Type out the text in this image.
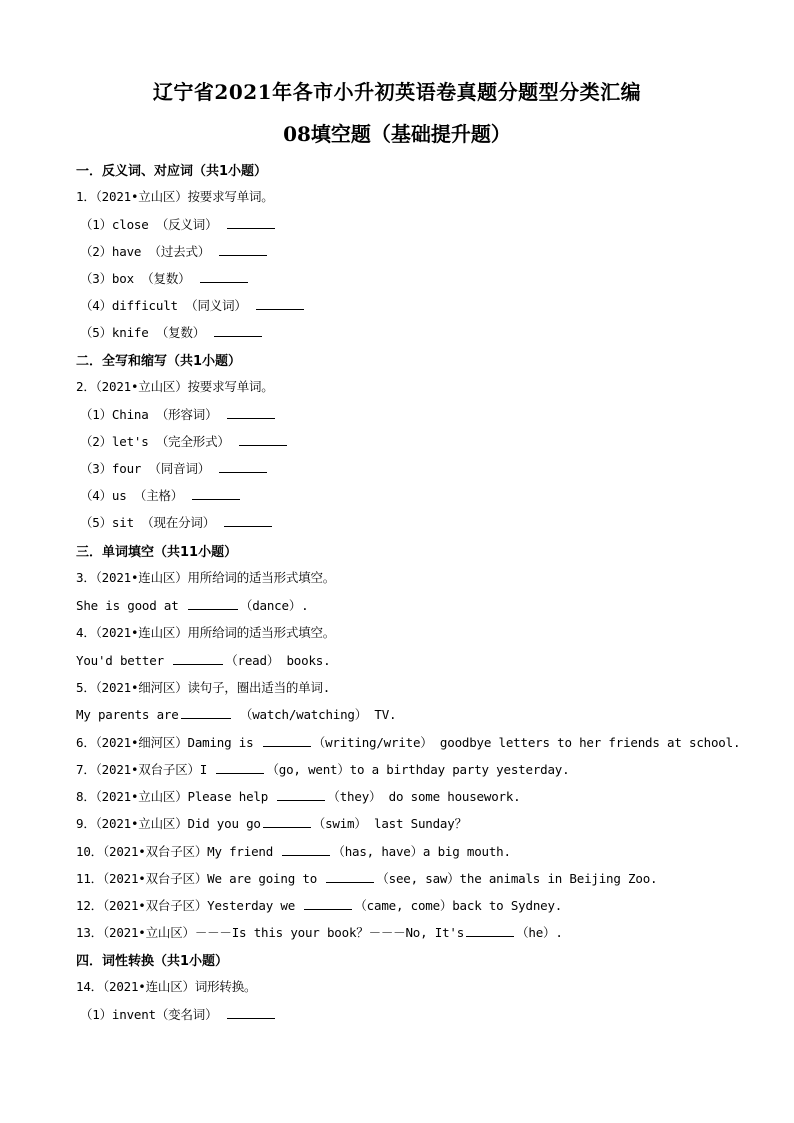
辽宁省2021年各市小升初英语卷真题分题型分类汇编
08填空题（基础提升题）
一．反义词、对应词（共1小题）
1．（2021•立山区）按要求写单词。
（1）close （反义词）
（2）have （过去式）
（3）box （复数）
（4）difficult （同义词）
（5）knife （复数）
二．全写和缩写（共1小题）
2．（2021•立山区）按要求写单词。
（1）China （形容词）
（2）let's （完全形式）
（3）four （同音词）
（4）us （主格）
（5）sit （现在分词）
三．单词填空（共11小题）
3．（2021•连山区）用所给词的适当形式填空。
She is good at	（dance）.
4．（2021•连山区）用所给词的适当形式填空。
You'd better	（read） books.
5．（2021•细河区）读句子，圈出适当的单词.
My parents are	（watch/watching） TV.
6．（2021•细河区）Daming is	（writing/write） goodbye letters to her friends at school.
7．（2021•双台子区）I	（go, went）to a birthday party yesterday.
8．（2021•立山区）Please help	（they） do some housework.
9．（2021•立山区）Did you go	（swim） last Sunday？
10．（2021•双台子区）My friend	（has, have）a big mouth.
11．（2021•双台子区）We are going to	（see, saw）the animals in Beijing Zoo.
12．（2021•双台子区）Yesterday we	（came, come）back to Sydney.
13．（2021•立山区）－－－Is this your book？－－－No, It's	（he）.
四．词性转换（共1小题）
14．（2021•连山区）词形转换。
（1）invent（变名词）
